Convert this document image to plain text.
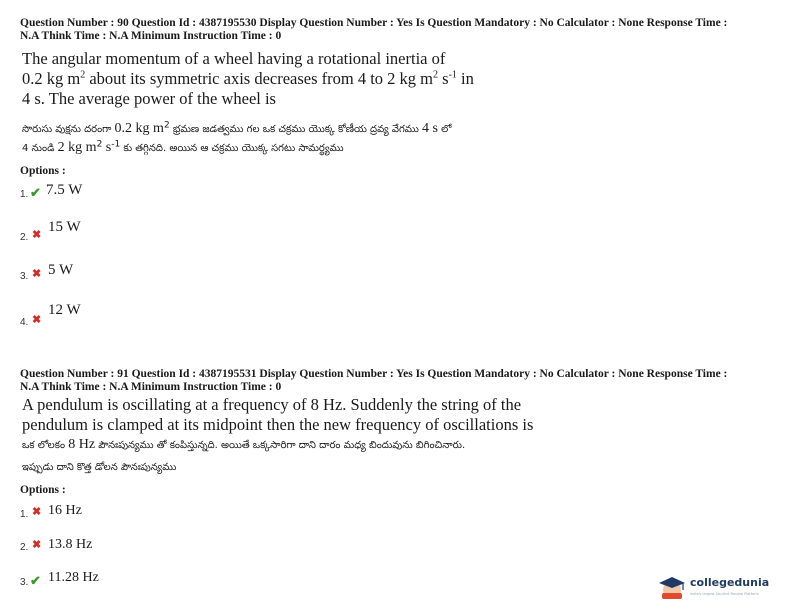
Question Number : 90 Question Id : 4387195530 Display Question Number : Yes Is Question Mandatory : No Calculator : None Response Time :
N.A Think Time : N.A Minimum Instruction Time : 0
The angular momentum of a wheel having a rotational inertia of
0.2 kg $m^2$ about its symmetric axis decreases from 4 to 2 kg $m^2$ $s^{-1}$ in
4 s. The average power of the wheel is
సొరుసు వుక్షను దరంగా 0.2 kg $m^2$ భ్రమణ జడత్వము గల ఒక చక్రము యొక్క కోణీయ ద్రవ్య వేగము 4 s లో
4 నుండి 2 kg $m^2$ $s^{-1}$ కు తగ్గినది. అయిన ఆ చక్రము యొక్క సగటు సామర్థ్యము
Options :
1. ✔ 7.5 W
2. ✖ 15 W
3. ✖ 5 W
4. ✖
12 W
Question Number : 91 Question Id : 4387195531 Display Question Number : Yes Is Question Mandatory : No Calculator : None Response Time :
N.A Think Time : N.A Minimum Instruction Time : 0
A pendulum is oscillating at a frequency of 8 Hz. Suddenly the string of the
pendulum is clamped at its midpoint then the new frequency of oscillations is
ఒక లోలకం 8 Hz పౌనఃపున్యము తో కంపిస్తున్నది. అయితే ఒక్కసారిగా దాని దారం మధ్య బిందువును బిగించినారు.
ఇప్పుడు దాని కొత్త డోలన పౌనఃపున్యము
Options :
1. ✖ 16 Hz
2. ✖ 13.8 Hz
3. ✔ 11.28 Hz	collegedunia
India's largest Student Review Platform
